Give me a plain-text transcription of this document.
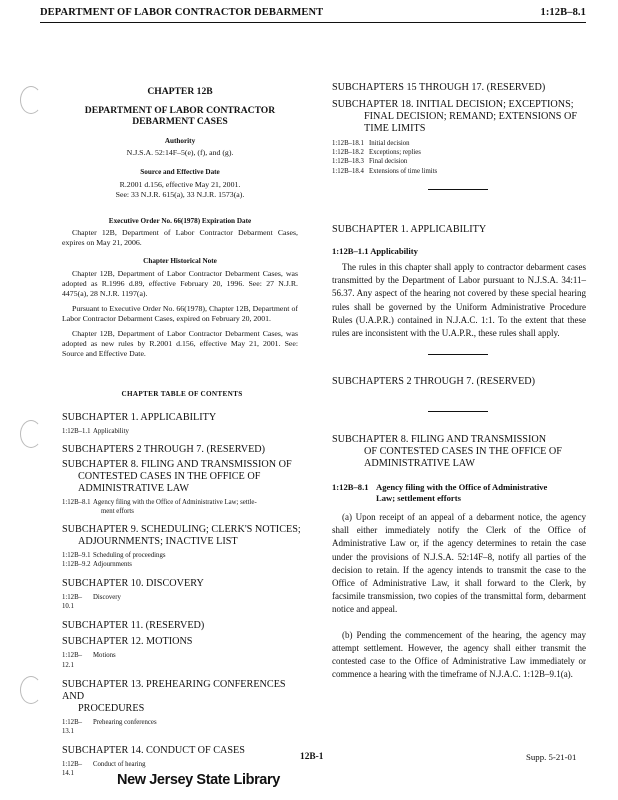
DEPARTMENT OF LABOR CONTRACTOR DEBARMENT	1:12B–8.1
CHAPTER 12B
DEPARTMENT OF LABOR CONTRACTOR
DEBARMENT CASES
Authority
N.J.S.A. 52:14F–5(e), (f), and (g).
Source and Effective Date
R.2001 d.156, effective May 21, 2001.
See: 33 N.J.R. 615(a), 33 N.J.R. 1573(a).
Executive Order No. 66(1978) Expiration Date

Chapter 12B, Department of Labor Contractor Debarment Cases, expires on May 21, 2006.

Chapter Historical Note

Chapter 12B, Department of Labor Contractor Debarment Cases, was adopted as R.1996 d.89, effective February 20, 1996. See: 27 N.J.R. 4475(a), 28 N.J.R. 1197(a).

Pursuant to Executive Order No. 66(1978), Chapter 12B, Department of Labor Contractor Debarment Cases, expired on February 20, 2001.

Chapter 12B, Department of Labor Contractor Debarment Cases, was adopted as new rules by R.2001 d.156, effective May 21, 2001. See: Source and Effective Date.

CHAPTER TABLE OF CONTENTS
SUBCHAPTER 1. APPLICABILITY
1:12B–1.1 Applicability
SUBCHAPTERS 2 THROUGH 7. (RESERVED)
SUBCHAPTER 8. FILING AND TRANSMISSION OF
CONTESTED CASES IN THE OFFICE OF
ADMINISTRATIVE LAW
1:12B–8.1 Agency filing with the Office of Administrative Law; settle-
ment efforts
SUBCHAPTER 9. SCHEDULING; CLERK'S NOTICES;
ADJOURNMENTS; INACTIVE LIST
1:12B–9.1 Scheduling of proceedings
1:12B–9.2 Adjournments
SUBCHAPTER 10. DISCOVERY
1:12B–10.1
Discovery
SUBCHAPTER 11. (RESERVED)
SUBCHAPTER 12. MOTIONS
1:12B–12.1
Motions
SUBCHAPTER 13. PREHEARING CONFERENCES AND
PROCEDURES
1:12B–13.1
Prehearing conferences
SUBCHAPTER 14. CONDUCT OF CASES
1:12B–14.1
Conduct of hearing
SUBCHAPTERS 15 THROUGH 17. (RESERVED)
SUBCHAPTER 18. INITIAL DECISION; EXCEPTIONS;
FINAL DECISION; REMAND; EXTENSIONS OF
TIME LIMITS
1:12B–18.1 Initial decision
1:12B–18.2 Exceptions; replies
1:12B–18.3 Final decision
1:12B–18.4 Extensions of time limits
SUBCHAPTER 1. APPLICABILITY
1:12B–1.1 Applicability

The rules in this chapter shall apply to contractor debarment cases transmitted by the Department of Labor pursuant to N.J.S.A. 34:11–56.37. Any aspect of the hearing not covered by these special hearing rules shall be governed by the Uniform Administrative Procedure Rules (U.A.P.R.) contained in N.J.A.C. 1:1. To the extent that these rules are inconsistent with the U.A.P.R., these rules shall apply.

SUBCHAPTERS 2 THROUGH 7. (RESERVED)
SUBCHAPTER 8. FILING AND TRANSMISSION
OF CONTESTED CASES IN THE OFFICE OF
ADMINISTRATIVE LAW
1:12B–8.1 Agency filing with the Office of Administrative
Law; settlement efforts

(a) Upon receipt of an appeal of a debarment notice, the agency shall either immediately notify the Clerk of the Office of Administrative Law or, if the agency determines to retain the case under the provisions of N.J.S.A. 52:14F–8, notify all parties of the decision to retain. If the agency intends to transmit the case to the Office of Administrative Law, it shall forward to the Clerk, by facsimile transmission, two copies of the transmittal form, debarment notice and appeal.

(b) Pending the commencement of the hearing, the agency may attempt settlement. However, the agency shall either transmit the contested case to the Office of Administrative Law immediately or commence a hearing with the timeframe of N.J.A.C. 1:12B–9.1(a).

12B-1	Supp. 5-21-01
New Jersey State Library
